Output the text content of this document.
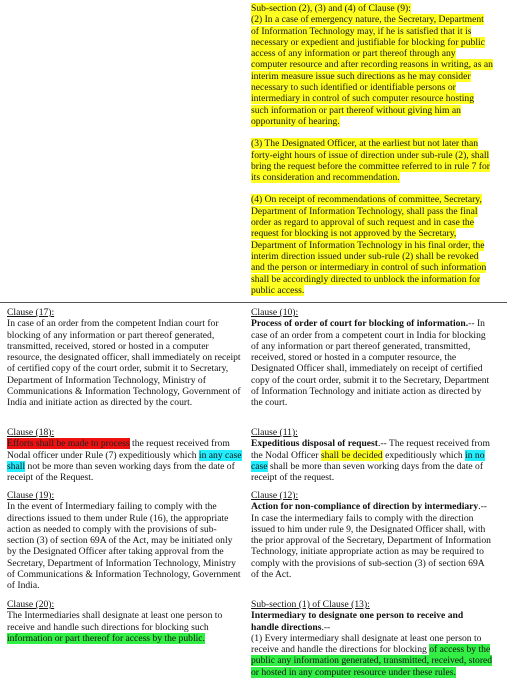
Sub-section (2), (3) and (4) of Clause (9):

(2) In a case of emergency nature, the Secretary, Department of Information Technology may, if he is satisfied that it is necessary or expedient and justifiable for blocking for public access of any information or part thereof through any computer resource and after recording reasons in writing, as an interim measure issue such directions as he may consider necessary to such identified or identifiable persons or intermediary in control of such computer resource hosting such information or part thereof without giving him an opportunity of hearing.

(3) The Designated Officer, at the earliest but not later than forty-eight hours of issue of direction under sub-rule (2), shall bring the request before the committee referred to in rule 7 for its consideration and recommendation.

(4) On receipt of recommendations of committee, Secretary, Department of Information Technology, shall pass the final order as regard to approval of such request and in case the request for blocking is not approved by the Secretary, Department of Information Technology in his final order, the interim direction issued under sub-rule (2) shall be revoked and the person or intermediary in control of such information shall be accordingly directed to unblock the information for public access.

Clause (17):

In case of an order from the competent Indian court for blocking of any information or part thereof generated, transmitted, received, stored or hosted in a computer resource, the designated officer, shall immediately on receipt of certified copy of the court order, submit it to Secretary, Department of Information Technology, Ministry of Communications & Information Technology, Government of India and initiate action as directed by the court.

Clause (18):

Efforts shall be made to process the request received from Nodal officer under Rule (7) expeditiously which in any case shall not be more than seven working days from the date of receipt of the Request.

Clause (19):

In the event of Intermediary failing to comply with the directions issued to them under Rule (16), the appropriate action as needed to comply with the provisions of sub-section (3) of section 69A of the Act, may be initiated only by the Designated Officer after taking approval from the Secretary, Department of Information Technology, Ministry of Communications & Information Technology, Government of India.

Clause (20):

The Intermediaries shall designate at least one person to receive and handle such directions for blocking such information or part thereof for access by the public.

Clause (10):

Process of order of court for blocking of information.-- In case of an order from a competent court in India for blocking of any information or part thereof generated, transmitted, received, stored or hosted in a computer resource, the Designated Officer shall, immediately on receipt of certified copy of the court order, submit it to the Secretary, Department of Information Technology and initiate action as directed by the court.

Clause (11):

Expeditious disposal of request.-- The request received from the Nodal Officer shall be decided expeditiously which in no case shall be more than seven working days from the date of receipt of the request.

Clause (12):

Action for non-compliance of direction by intermediary.-- In case the intermediary fails to comply with the direction issued to him under rule 9, the Designated Officer shall, with the prior approval of the Secretary, Department of Information Technology, initiate appropriate action as may be required to comply with the provisions of sub-section (3) of section 69A of the Act.

Sub-section (1) of Clause (13):

Intermediary to designate one person to receive and handle directions.--

(1) Every intermediary shall designate at least one person to receive and handle the directions for blocking of access by the public any information generated, transmitted, received, stored or hosted in any computer resource under these rules.
